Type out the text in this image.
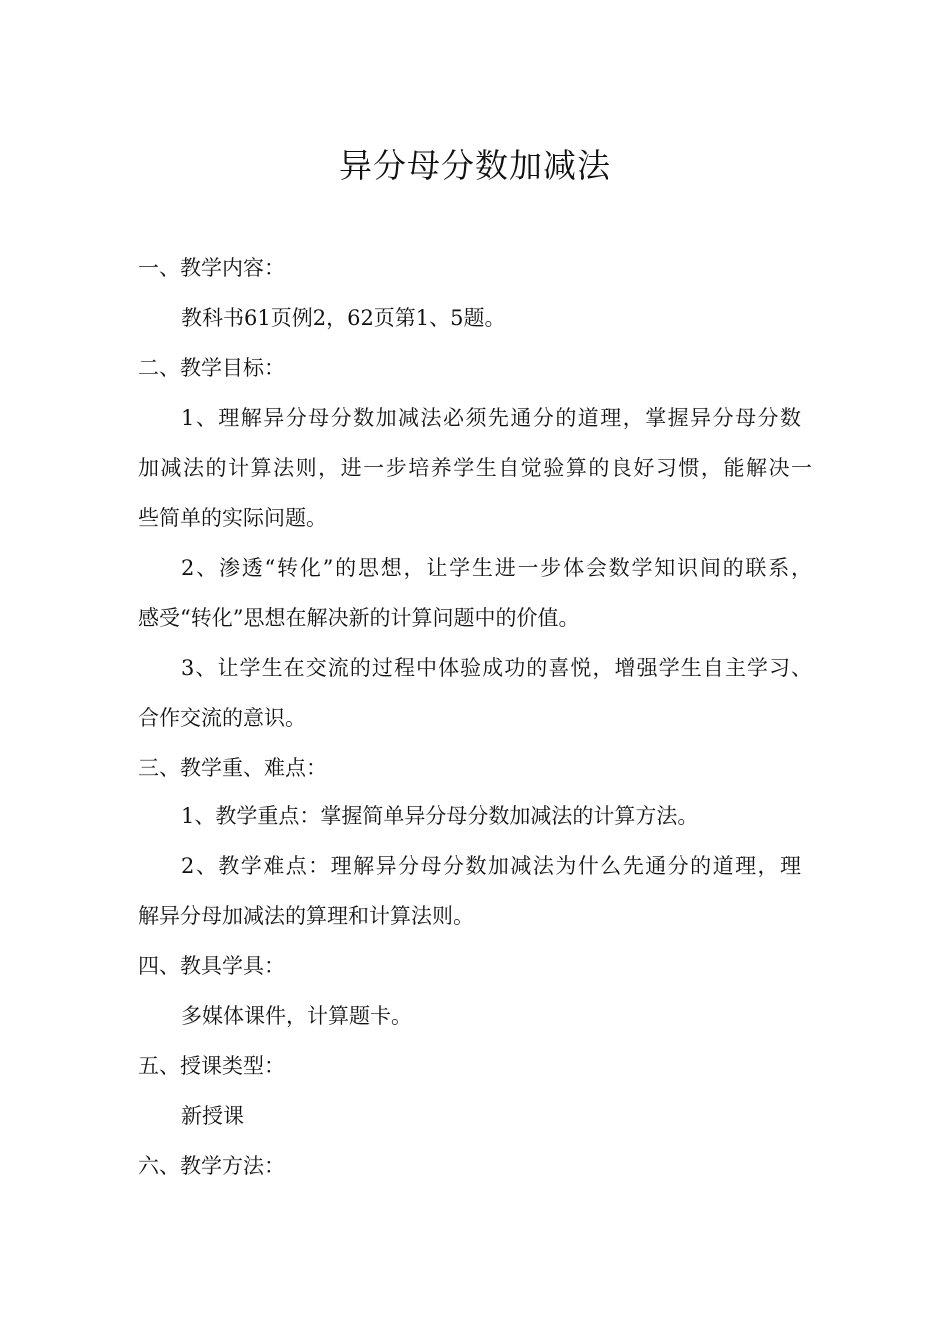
异分母分数加减法

一、教学内容：

教科书61页例2，62页第1、5题。

二、教学目标：

1、理解异分母分数加减法必须先通分的道理，掌握异分母分数

加减法的计算法则，进一步培养学生自觉验算的良好习惯，能解决一

些简单的实际问题。

2、渗透“转化”的思想，让学生进一步体会数学知识间的联系，

感受“转化”思想在解决新的计算问题中的价值。

3、让学生在交流的过程中体验成功的喜悦，增强学生自主学习、

合作交流的意识。

三、教学重、难点：

1、教学重点：掌握简单异分母分数加减法的计算方法。

2、教学难点：理解异分母分数加减法为什么先通分的道理，理

解异分母加减法的算理和计算法则。

四、教具学具：

多媒体课件，计算题卡。

五、授课类型：

新授课

六、教学方法：
